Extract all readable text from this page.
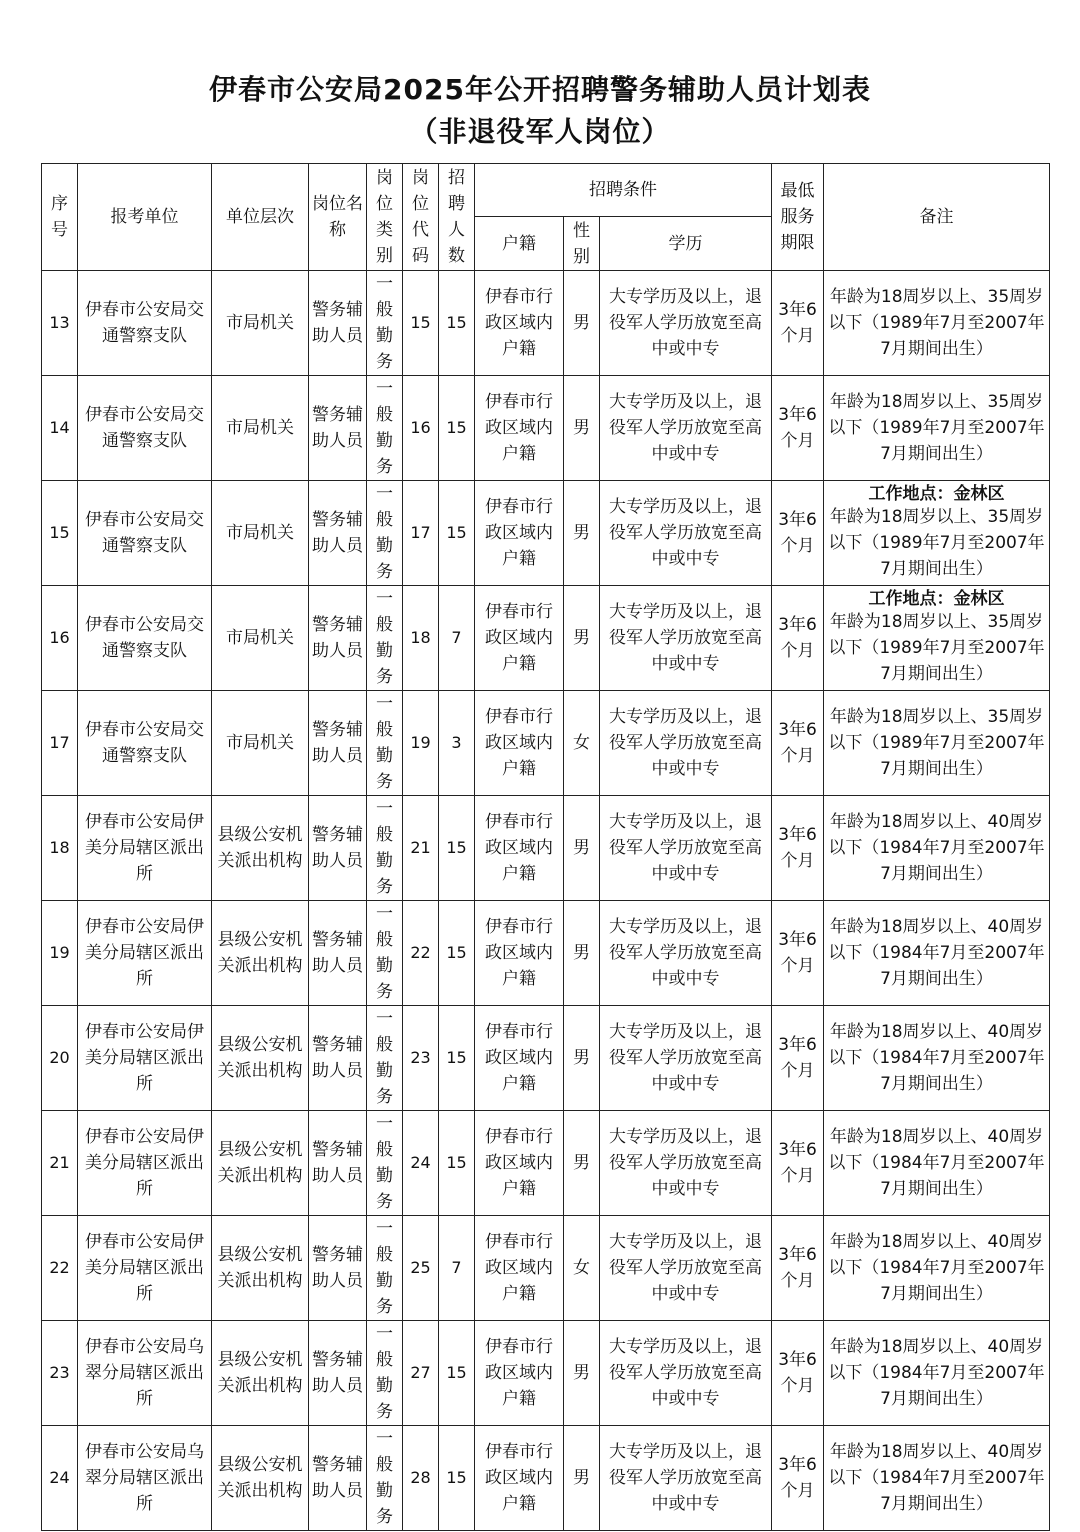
伊春市公安局2025年公开招聘警务辅助人员计划表
（非退役军人岗位）
序号	报考单位	单位层次	岗位名称	岗位类别	岗位代码	招聘人数	招聘条件			最低服务期限	备注
							户籍	性别	学历		
13	伊春市公安局交通警察支队	市局机关	警务辅助人员	一般勤务	15	15	伊春市行政区域内户籍	男	大专学历及以上，退役军人学历放宽至高中或中专	3年6个月	年龄为18周岁以上、35周岁以下（1989年7月至2007年7月期间出生）
14	伊春市公安局交通警察支队	市局机关	警务辅助人员	一般勤务	16	15	伊春市行政区域内户籍	男	大专学历及以上，退役军人学历放宽至高中或中专	3年6个月	年龄为18周岁以上、35周岁以下（1989年7月至2007年7月期间出生）
15	伊春市公安局交通警察支队	市局机关	警务辅助人员	一般勤务	17	15	伊春市行政区域内户籍	男	大专学历及以上，退役军人学历放宽至高中或中专	3年6个月	工作地点：金林区
年龄为18周岁以上、35周岁以下（1989年7月至2007年7月期间出生）
16	伊春市公安局交通警察支队	市局机关	警务辅助人员	一般勤务	18	7	伊春市行政区域内户籍	男	大专学历及以上，退役军人学历放宽至高中或中专	3年6个月	工作地点：金林区
年龄为18周岁以上、35周岁以下（1989年7月至2007年7月期间出生）
17	伊春市公安局交通警察支队	市局机关	警务辅助人员	一般勤务	19	3	伊春市行政区域内户籍	女	大专学历及以上，退役军人学历放宽至高中或中专	3年6个月	年龄为18周岁以上、35周岁以下（1989年7月至2007年7月期间出生）
18	伊春市公安局伊美分局辖区派出所	县级公安机关派出机构	警务辅助人员	一般勤务	21	15	伊春市行政区域内户籍	男	大专学历及以上，退役军人学历放宽至高中或中专	3年6个月	年龄为18周岁以上、40周岁以下（1984年7月至2007年7月期间出生）
19	伊春市公安局伊美分局辖区派出所	县级公安机关派出机构	警务辅助人员	一般勤务	22	15	伊春市行政区域内户籍	男	大专学历及以上，退役军人学历放宽至高中或中专	3年6个月	年龄为18周岁以上、40周岁以下（1984年7月至2007年7月期间出生）
20	伊春市公安局伊美分局辖区派出所	县级公安机关派出机构	警务辅助人员	一般勤务	23	15	伊春市行政区域内户籍	男	大专学历及以上，退役军人学历放宽至高中或中专	3年6个月	年龄为18周岁以上、40周岁以下（1984年7月至2007年7月期间出生）
21	伊春市公安局伊美分局辖区派出所	县级公安机关派出机构	警务辅助人员	一般勤务	24	15	伊春市行政区域内户籍	男	大专学历及以上，退役军人学历放宽至高中或中专	3年6个月	年龄为18周岁以上、40周岁以下（1984年7月至2007年7月期间出生）
22	伊春市公安局伊美分局辖区派出所	县级公安机关派出机构	警务辅助人员	一般勤务	25	7	伊春市行政区域内户籍	女	大专学历及以上，退役军人学历放宽至高中或中专	3年6个月	年龄为18周岁以上、40周岁以下（1984年7月至2007年7月期间出生）
23	伊春市公安局乌翠分局辖区派出所	县级公安机关派出机构	警务辅助人员	一般勤务	27	15	伊春市行政区域内户籍	男	大专学历及以上，退役军人学历放宽至高中或中专	3年6个月	年龄为18周岁以上、40周岁以下（1984年7月至2007年7月期间出生）
24	伊春市公安局乌翠分局辖区派出所	县级公安机关派出机构	警务辅助人员	一般勤务	28	15	伊春市行政区域内户籍	男	大专学历及以上，退役军人学历放宽至高中或中专	3年6个月	年龄为18周岁以上、40周岁以下（1984年7月至2007年7月期间出生）
